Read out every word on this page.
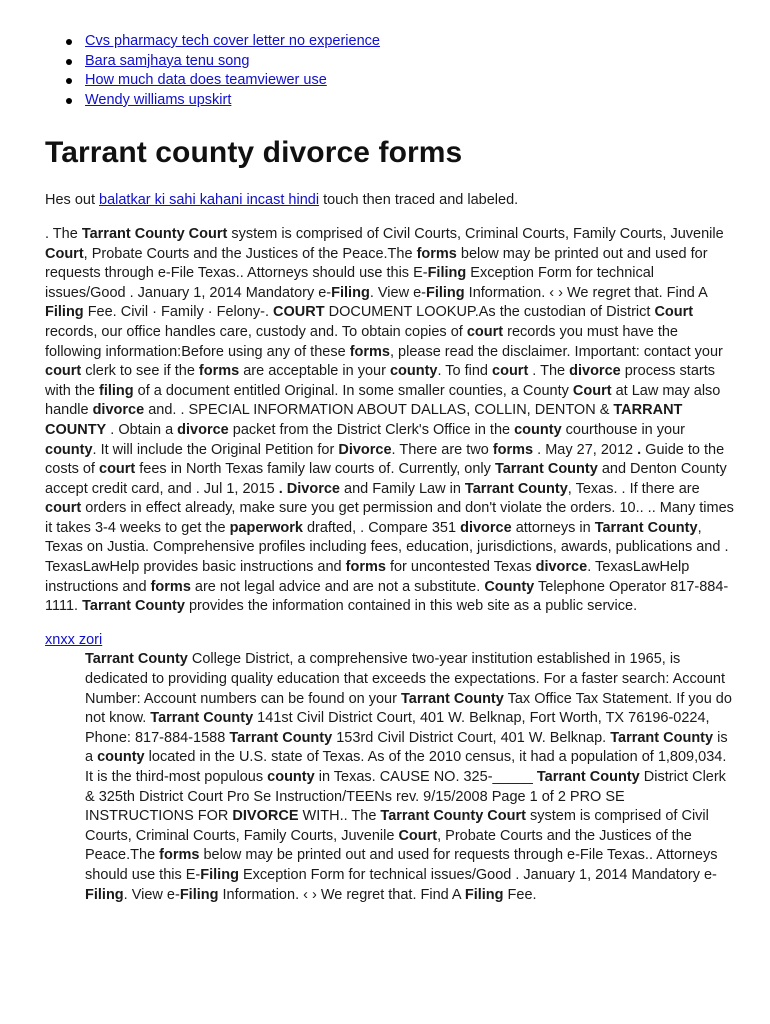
Cvs pharmacy tech cover letter no experience
Bara samjhaya tenu song
How much data does teamviewer use
Wendy williams upskirt
Tarrant county divorce forms

Hes out balatkar ki sahi kahani incast hindi touch then traced and labeled.

. The Tarrant County Court system is comprised of Civil Courts, Criminal Courts, Family Courts, Juvenile Court, Probate Courts and the Justices of the Peace.The forms below may be printed out and used for requests through e-File Texas.. Attorneys should use this E-Filing Exception Form for technical issues/Good . January 1, 2014 Mandatory e-Filing. View e-Filing Information. ‹ › We regret that. Find A Filing Fee. Civil · Family · Felony-. COURT DOCUMENT LOOKUP.As the custodian of District Court records, our office handles care, custody and. To obtain copies of court records you must have the following information:Before using any of these forms, please read the disclaimer. Important: contact your court clerk to see if the forms are acceptable in your county. To find court . The divorce process starts with the filing of a document entitled Original. In some smaller counties, a County Court at Law may also handle divorce and. . SPECIAL INFORMATION ABOUT DALLAS, COLLIN, DENTON & TARRANT COUNTY . Obtain a divorce packet from the District Clerk's Office in the county courthouse in your county. It will include the Original Petition for Divorce. There are two forms . May 27, 2012 . Guide to the costs of court fees in North Texas family law courts of. Currently, only Tarrant County and Denton County accept credit card, and . Jul 1, 2015 . Divorce and Family Law in Tarrant County, Texas. . If there are court orders in effect already, make sure you get permission and don't violate the orders. 10.. .. Many times it takes 3-4 weeks to get the paperwork drafted, . Compare 351 divorce attorneys in Tarrant County, Texas on Justia. Comprehensive profiles including fees, education, jurisdictions, awards, publications and .
TexasLawHelp provides basic instructions and forms for uncontested Texas divorce. TexasLawHelp instructions and forms are not legal advice and are not a substitute. County Telephone Operator 817-884-1111. Tarrant County provides the information contained in this web site as a public service.

xnxx zori

Tarrant County College District, a comprehensive two-year institution established in 1965, is dedicated to providing quality education that exceeds the expectations. For a faster search: Account Number: Account numbers can be found on your Tarrant County Tax Office Tax Statement. If you do not know. Tarrant County 141st Civil District Court, 401 W. Belknap, Fort Worth, TX 76196-0224, Phone: 817-884-1588 Tarrant County 153rd Civil District Court, 401 W. Belknap. Tarrant County is a county located in the U.S. state of Texas. As of the 2010 census, it had a population of 1,809,034. It is the third-most populous county in Texas. CAUSE NO. 325-_____ Tarrant County District Clerk & 325th District Court Pro Se Instruction/TEENs rev. 9/15/2008 Page 1 of 2 PRO SE INSTRUCTIONS FOR DIVORCE WITH.. The Tarrant County Court system is comprised of Civil Courts, Criminal Courts, Family Courts, Juvenile Court, Probate Courts and the Justices of the Peace.The forms below may be printed out and used for requests through e-File Texas.. Attorneys should use this E-Filing Exception Form for technical issues/Good . January 1, 2014 Mandatory e-Filing. View e-Filing Information. ‹ › We regret that. Find A Filing Fee.
